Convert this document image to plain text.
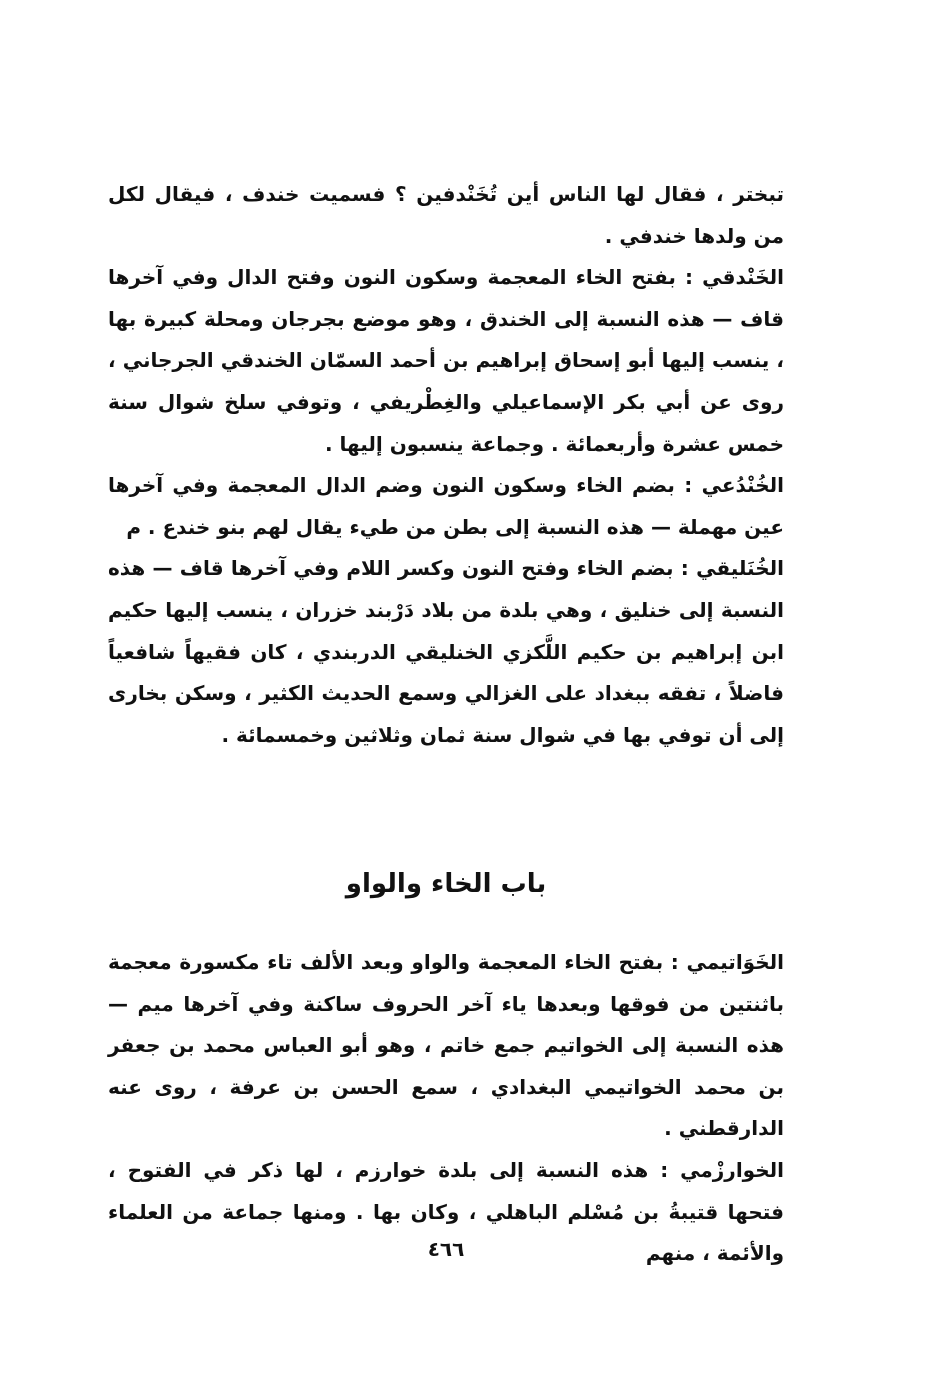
تبختر ، فقال لها الناس أين تُخَنْدفين ؟ فسميت خندف ، فيقال لكل من ولدها خندفي .

الخَنْدقي : بفتح الخاء المعجمة وسكون النون وفتح الدال وفي آخرها قاف — هذه النسبة إلى الخندق ، وهو موضع بجرجان ومحلة كبيرة بها ، ينسب إليها أبو إسحاق إبراهيم بن أحمد السمّان الخندقي الجرجاني ، روى عن أبي بكر الإسماعيلي والغِطْريفي ، وتوفي سلخ شوال سنة خمس عشرة وأربعمائة . وجماعة ينسبون إليها .

الخُنْدُعي : بضم الخاء وسكون النون وضم الدال المعجمة وفي آخرها عين مهملة — هذه النسبة إلى بطن من طيء يقال لهم بنو خندع . م

الخُنَليقي : بضم الخاء وفتح النون وكسر اللام وفي آخرها قاف — هذه النسبة إلى خنليق ، وهي بلدة من بلاد دَرْبند خزران ، ينسب إليها حكيم ابن إبراهيم بن حكيم اللَّكزي الخنليقي الدربندي ، كان فقيهاً شافعياً فاضلاً ، تفقه ببغداد على الغزالي وسمع الحديث الكثير ، وسكن بخارى إلى أن توفي بها في شوال سنة ثمان وثلاثين وخمسمائة .

باب الخاء والواو

الخَوَاتيمي : بفتح الخاء المعجمة والواو وبعد الألف تاء مكسورة معجمة باثنتين من فوقها وبعدها ياء آخر الحروف ساكنة وفي آخرها ميم — هذه النسبة إلى الخواتيم جمع خاتم ، وهو أبو العباس محمد بن جعفر بن محمد الخواتيمي البغدادي ، سمع الحسن بن عرفة ، روى عنه الدارقطني .

الخوارزْمي : هذه النسبة إلى بلدة خوارزم ، لها ذكر في الفتوح ، فتحها قتيبةُ بن مُسْلم الباهلي ، وكان بها . ومنها جماعة من العلماء والأئمة ، منهم

٤٦٦
